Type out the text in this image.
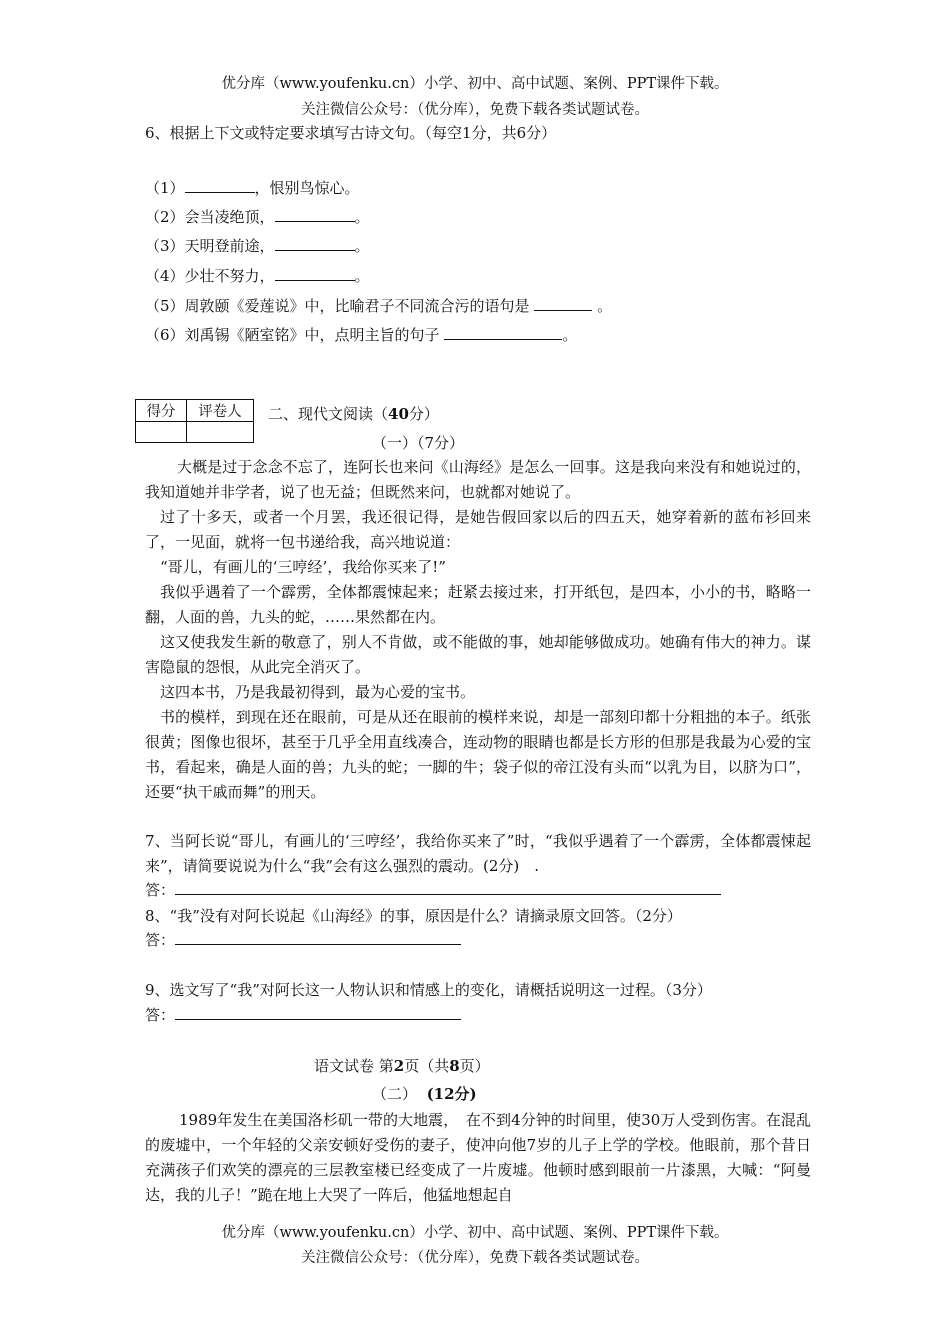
优分库（www.youfenku.cn）小学、初中、高中试题、案例、PPT课件下载。
关注微信公众号：（优分库），免费下载各类试题试卷。
6、根据上下文或特定要求填写古诗文句。（每空1分，共6分）
（1）	，恨别鸟惊心。
（2）会当凌绝顶，	。
（3）天明登前途，	。
（4）少壮不努力，	。
（5）周敦颐《爱莲说》中，比喻君子不同流合污的语句是	。
（6）刘禹锡《陋室铭》中，点明主旨的句子	。
得分	评卷人
	二、现代文阅读（40分）
（一）（7分）
大概是过于念念不忘了，连阿长也来问《山海经》是怎么一回事。这是我向来没有和她说过的，我知道她并非学者，说了也无益；但既然来问，也就都对她说了。
过了十多天，或者一个月罢，我还很记得，是她告假回家以后的四五天，她穿着新的蓝布衫回来了，一见面，就将一包书递给我，高兴地说道：
“哥儿，有画儿的‘三哼经’，我给你买来了!”
我似乎遇着了一个霹雳，全体都震悚起来；赶紧去接过来，打开纸包，是四本，小小的书，略略一翻，人面的兽，九头的蛇，……果然都在内。
这又使我发生新的敬意了，别人不肯做，或不能做的事，她却能够做成功。她确有伟大的神力。谋害隐鼠的怨恨，从此完全消灭了。
这四本书，乃是我最初得到，最为心爱的宝书。
书的模样，到现在还在眼前，可是从还在眼前的模样来说，却是一部刻印都十分粗拙的本子。纸张很黄；图像也很坏，甚至于几乎全用直线凑合，连动物的眼睛也都是长方形的但那是我最为心爱的宝书，看起来，确是人面的兽；九头的蛇；一脚的牛；袋子似的帝江没有头而“以乳为目，以脐为口”，还要“执干戚而舞”的刑天。
7、当阿长说“哥儿，有画儿的‘三哼经’，我给你买来了”时，“我似乎遇着了一个霹雳，全体都震悚起来”，请简要说说为什么“我”会有这么强烈的震动。(2分)　.
答：
8、“我”没有对阿长说起《山海经》的事，原因是什么？请摘录原文回答。（2分）
答：
9、选文写了“我”对阿长这一人物认识和情感上的变化，请概括说明这一过程。（3分）
答：
语文试卷 第2页（共8页）
（二） (12分)
1989年发生在美国洛杉矶一带的大地震，　在不到4分钟的时间里，使30万人受到伤害。在混乱的废墟中，一个年轻的父亲安顿好受伤的妻子，使冲向他7岁的儿子上学的学校。他眼前，那个昔日充满孩子们欢笑的漂亮的三层教室楼已经变成了一片废墟。他顿时感到眼前一片漆黑，大喊：“阿曼达，我的儿子！”跪在地上大哭了一阵后，他猛地想起自
优分库（www.youfenku.cn）小学、初中、高中试题、案例、PPT课件下载。
关注微信公众号：（优分库），免费下载各类试题试卷。
